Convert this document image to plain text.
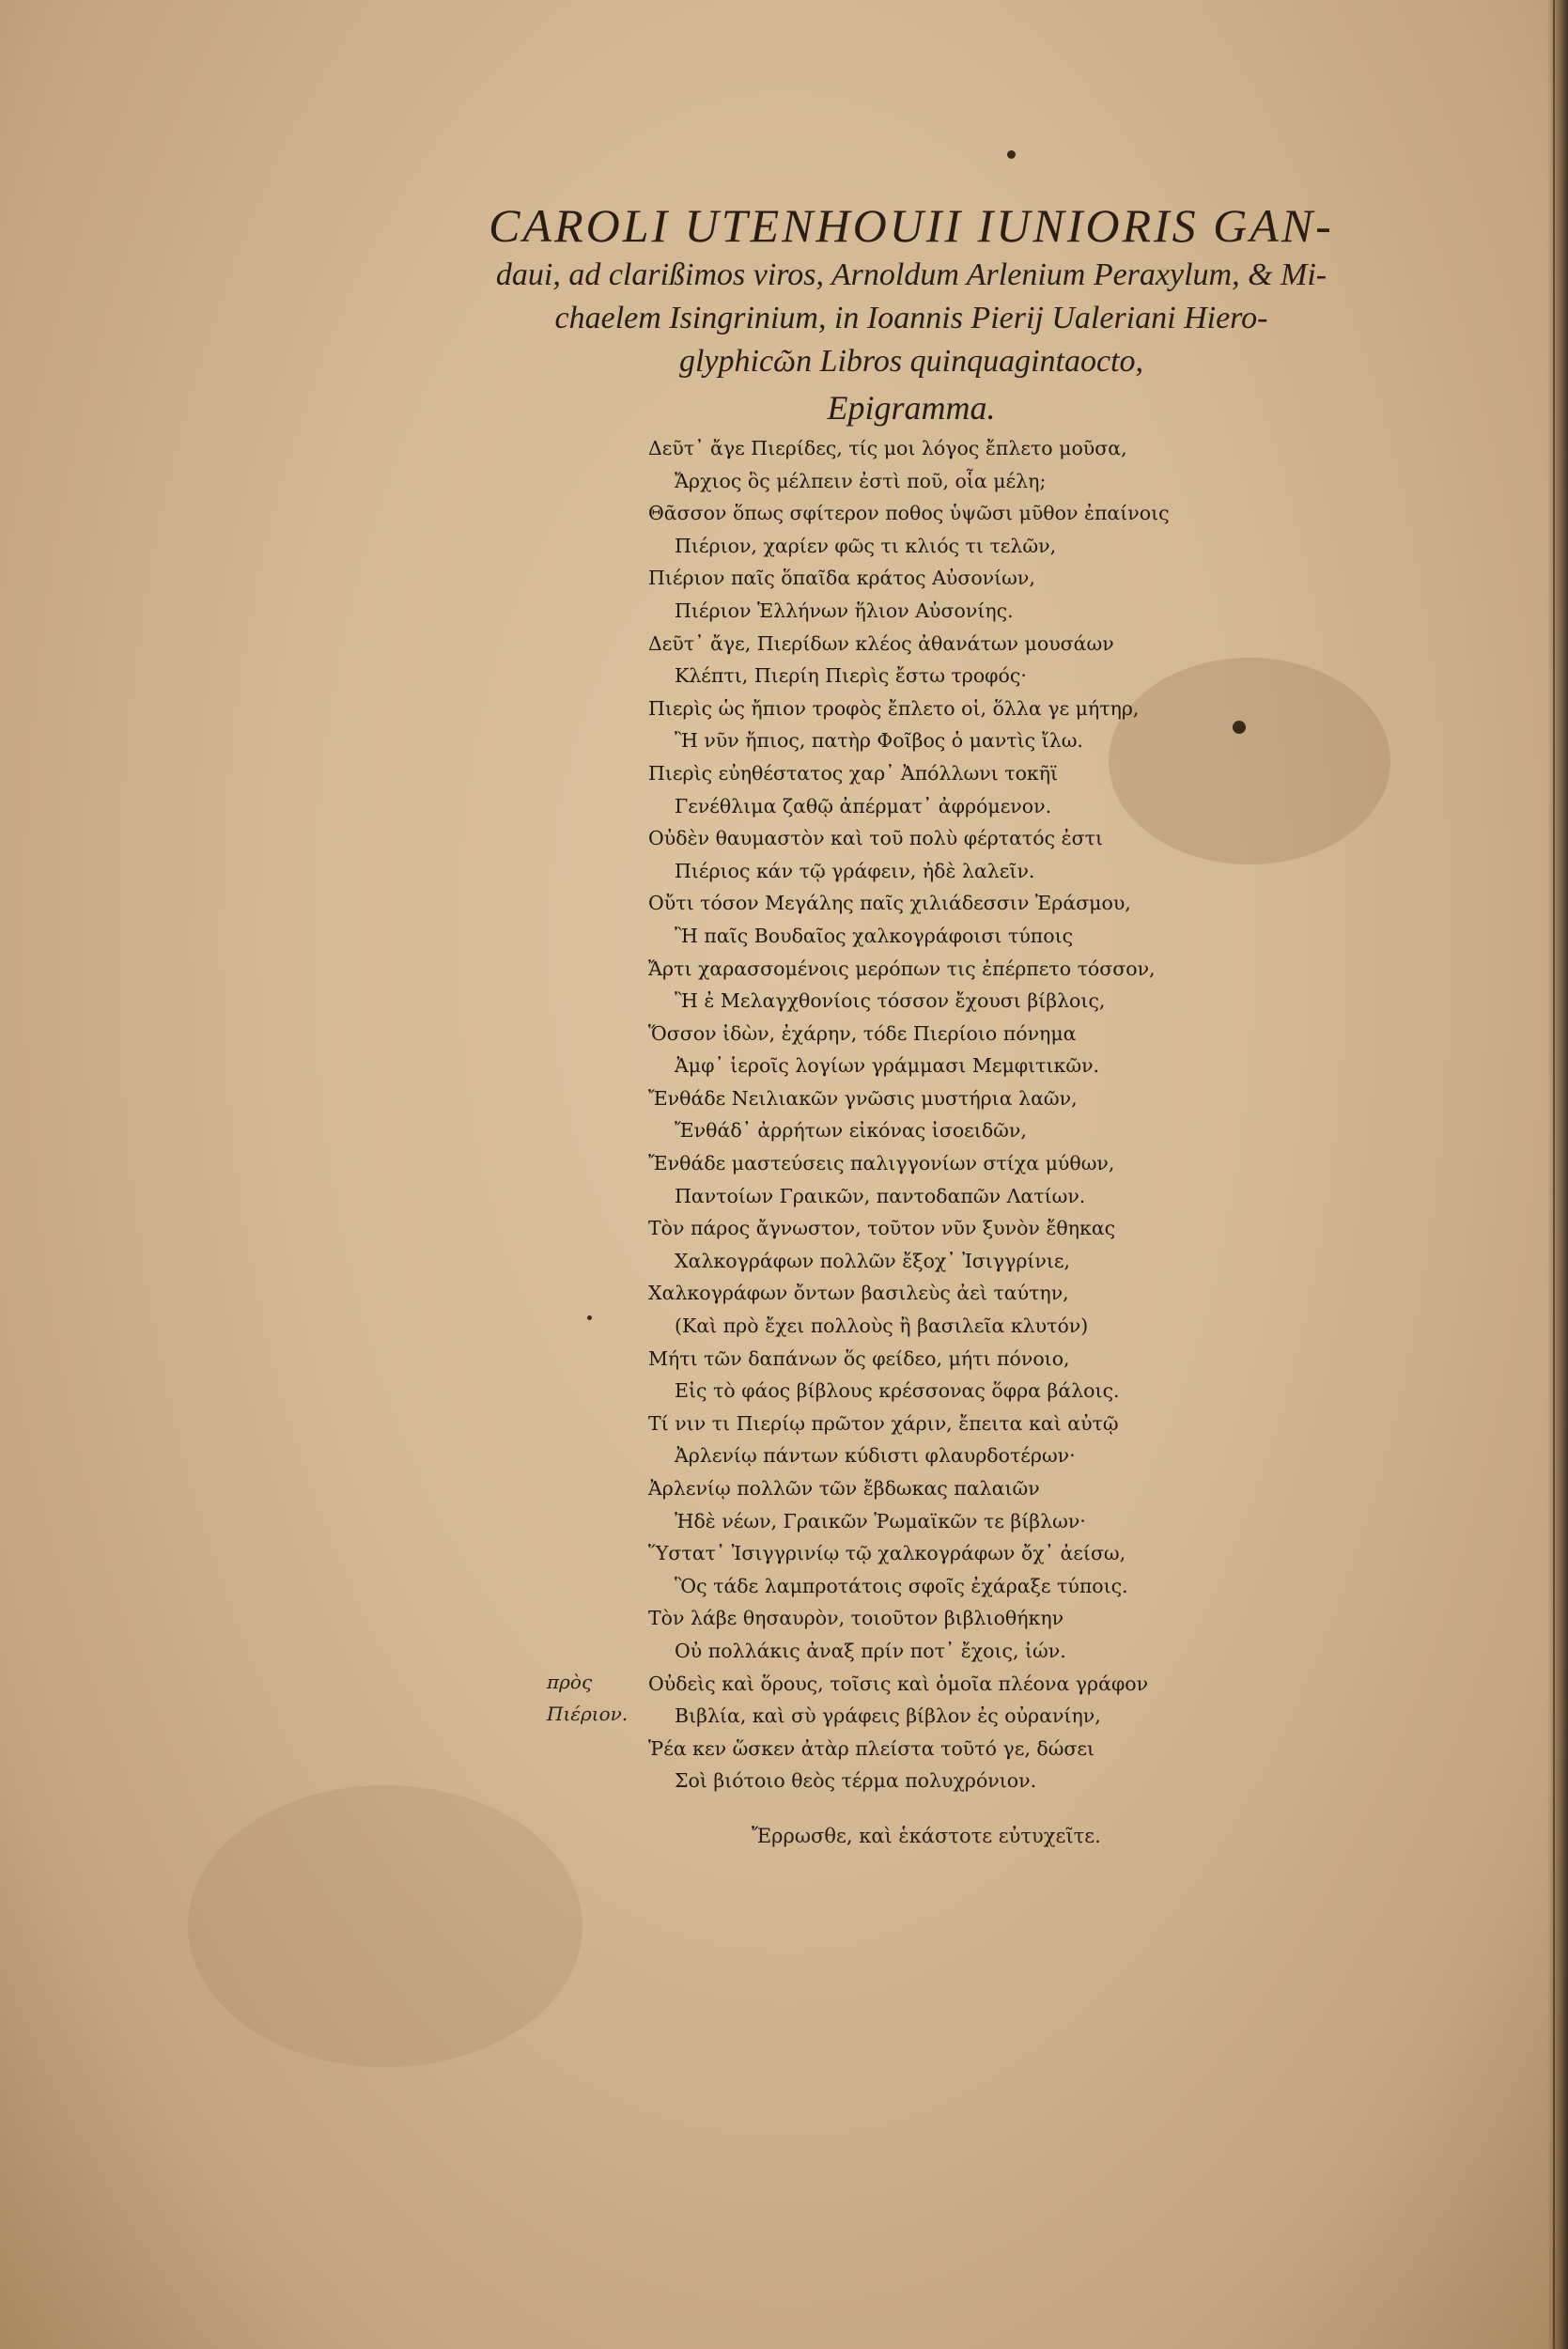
CAROLI UTENHOUII IUNIORIS GAN-
daui, ad clarißimos viros, Arnoldum Arlenium Peraxylum, & Mi-
chaelem Isingrinium, in Ioannis Pierij Ualeriani Hiero-
glyphicῶn Libros quinquagintaocto,
Epigramma.
Δεῦτ᾽ ἄγε Πιερίδες, τίς μοι λόγος ἔπλετο μοῦσα,
Ἄρχιος ὃς μέλπειν ἐστὶ ποῦ, οἷα μέλη;
Θᾶσσον ὅπως σφίτερον ποθος ὑψῶσι μῦθον ἐπαίνοις
Πιέριον, χαρίεν φῶς τι κλιός τι τελῶν,
Πιέριον παῖς ὅπαῖδα κράτος Αὐσονίων,
Πιέριον Ἑλλήνων ἥλιον Αὐσονίης.
Δεῦτ᾽ ἄγε, Πιερίδων κλέος ἀθανάτων μουσάων
Κλέπτι, Πιερίη Πιερὶς ἔστω τροφός·
Πιερὶς ὡς ἤπιον τροφὸς ἔπλετο οἱ, ὅλλα γε μήτηρ,
Ἢ νῦν ἤπιος, πατὴρ Φοῖβος ὁ μαντὶς ἴλω.
Πιερὶς εὐηθέστατος χαρ᾽ Ἀπόλλωνι τοκῆϊ
Γενέθλιμα ζαθῷ ἀπέρματ᾽ ἀφρόμενον.
Οὐδὲν θαυμαστὸν καὶ τοῦ πολὺ φέρτατός ἐστι
Πιέριος κάν τῷ γράφειν, ἠδὲ λαλεῖν.
Οὔτι τόσον Μεγάλης παῖς χιλιάδεσσιν Ἐράσμου,
Ἢ παῖς Βουδαῖος χαλκογράφοισι τύποις
Ἄρτι χαρασσομένοις μερόπων τις ἐπέρπετο τόσσον,
Ἢ ἐ Μελαγχθονίοις τόσσον ἔχουσι βίβλοις,
Ὅσσον ἰδὼν, ἐχάρην, τόδε Πιερίοιο πόνημα
Ἀμφ᾽ ἱεροῖς λογίων γράμμασι Μεμφιτικῶν.
Ἔνθάδε Νειλιακῶν γνῶσις μυστήρια λαῶν,
Ἔνθάδ᾽ ἀρρήτων εἰκόνας ἰσοειδῶν,
Ἔνθάδε μαστεύσεις παλιγγονίων στίχα μύθων,
Παντοίων Γραικῶν, παντοδαπῶν Λατίων.
Τὸν πάρος ἄγνωστον, τοῦτον νῦν ξυνὸν ἔθηκας
Χαλκογράφων πολλῶν ἔξοχ᾽ Ἰσιγγρίνιε,
Χαλκογράφων ὄντων βασιλεὺς ἀεὶ ταύτην,
(Καὶ πρὸ ἔχει πολλοὺς ἢ βασιλεῖα κλυτόν)
Μήτι τῶν δαπάνων ὅς φείδεο, μήτι πόνοιο,
Εἰς τὸ φάος βίβλους κρέσσονας ὅφρα βάλοις.
Τί νιν τι Πιερίῳ πρῶτον χάριν, ἔπειτα καὶ αὐτῷ
Ἀρλενίῳ πάντων κύδιστι φλαυρδοτέρων·
Ἀρλενίῳ πολλῶν τῶν ἔβδωκας παλαιῶν
Ἠδὲ νέων, Γραικῶν Ῥωμαϊκῶν τε βίβλων·
Ὕστατ᾽ Ἰσιγγρινίῳ τῷ χαλκογράφων ὄχ᾽ ἀείσω,
Ὃς τάδε λαμπροτάτοις σφοῖς ἐχάραξε τύποις.
Τὸν λάβε θησαυρὸν, τοιοῦτον βιβλιοθήκην
Οὐ πολλάκις ἀναξ πρίν ποτ᾽ ἔχοις, ἰών.
Οὐδεὶς καὶ ὅρους, τοῖσις καὶ ὁμοῖα πλέονα γράφον
Βιβλία, καὶ σὺ γράφεις βίβλον ἐς οὐρανίην,
Ῥέα κεν ὥσκεν ἀτὰρ πλείστα τοῦτό γε, δώσει
Σοὶ βιότοιο θεὸς τέρμα πολυχρόνιον.
πρὸς Πιέριον.
Ἔρρωσθε, καὶ ἑκάστοτε εὐτυχεῖτε.
